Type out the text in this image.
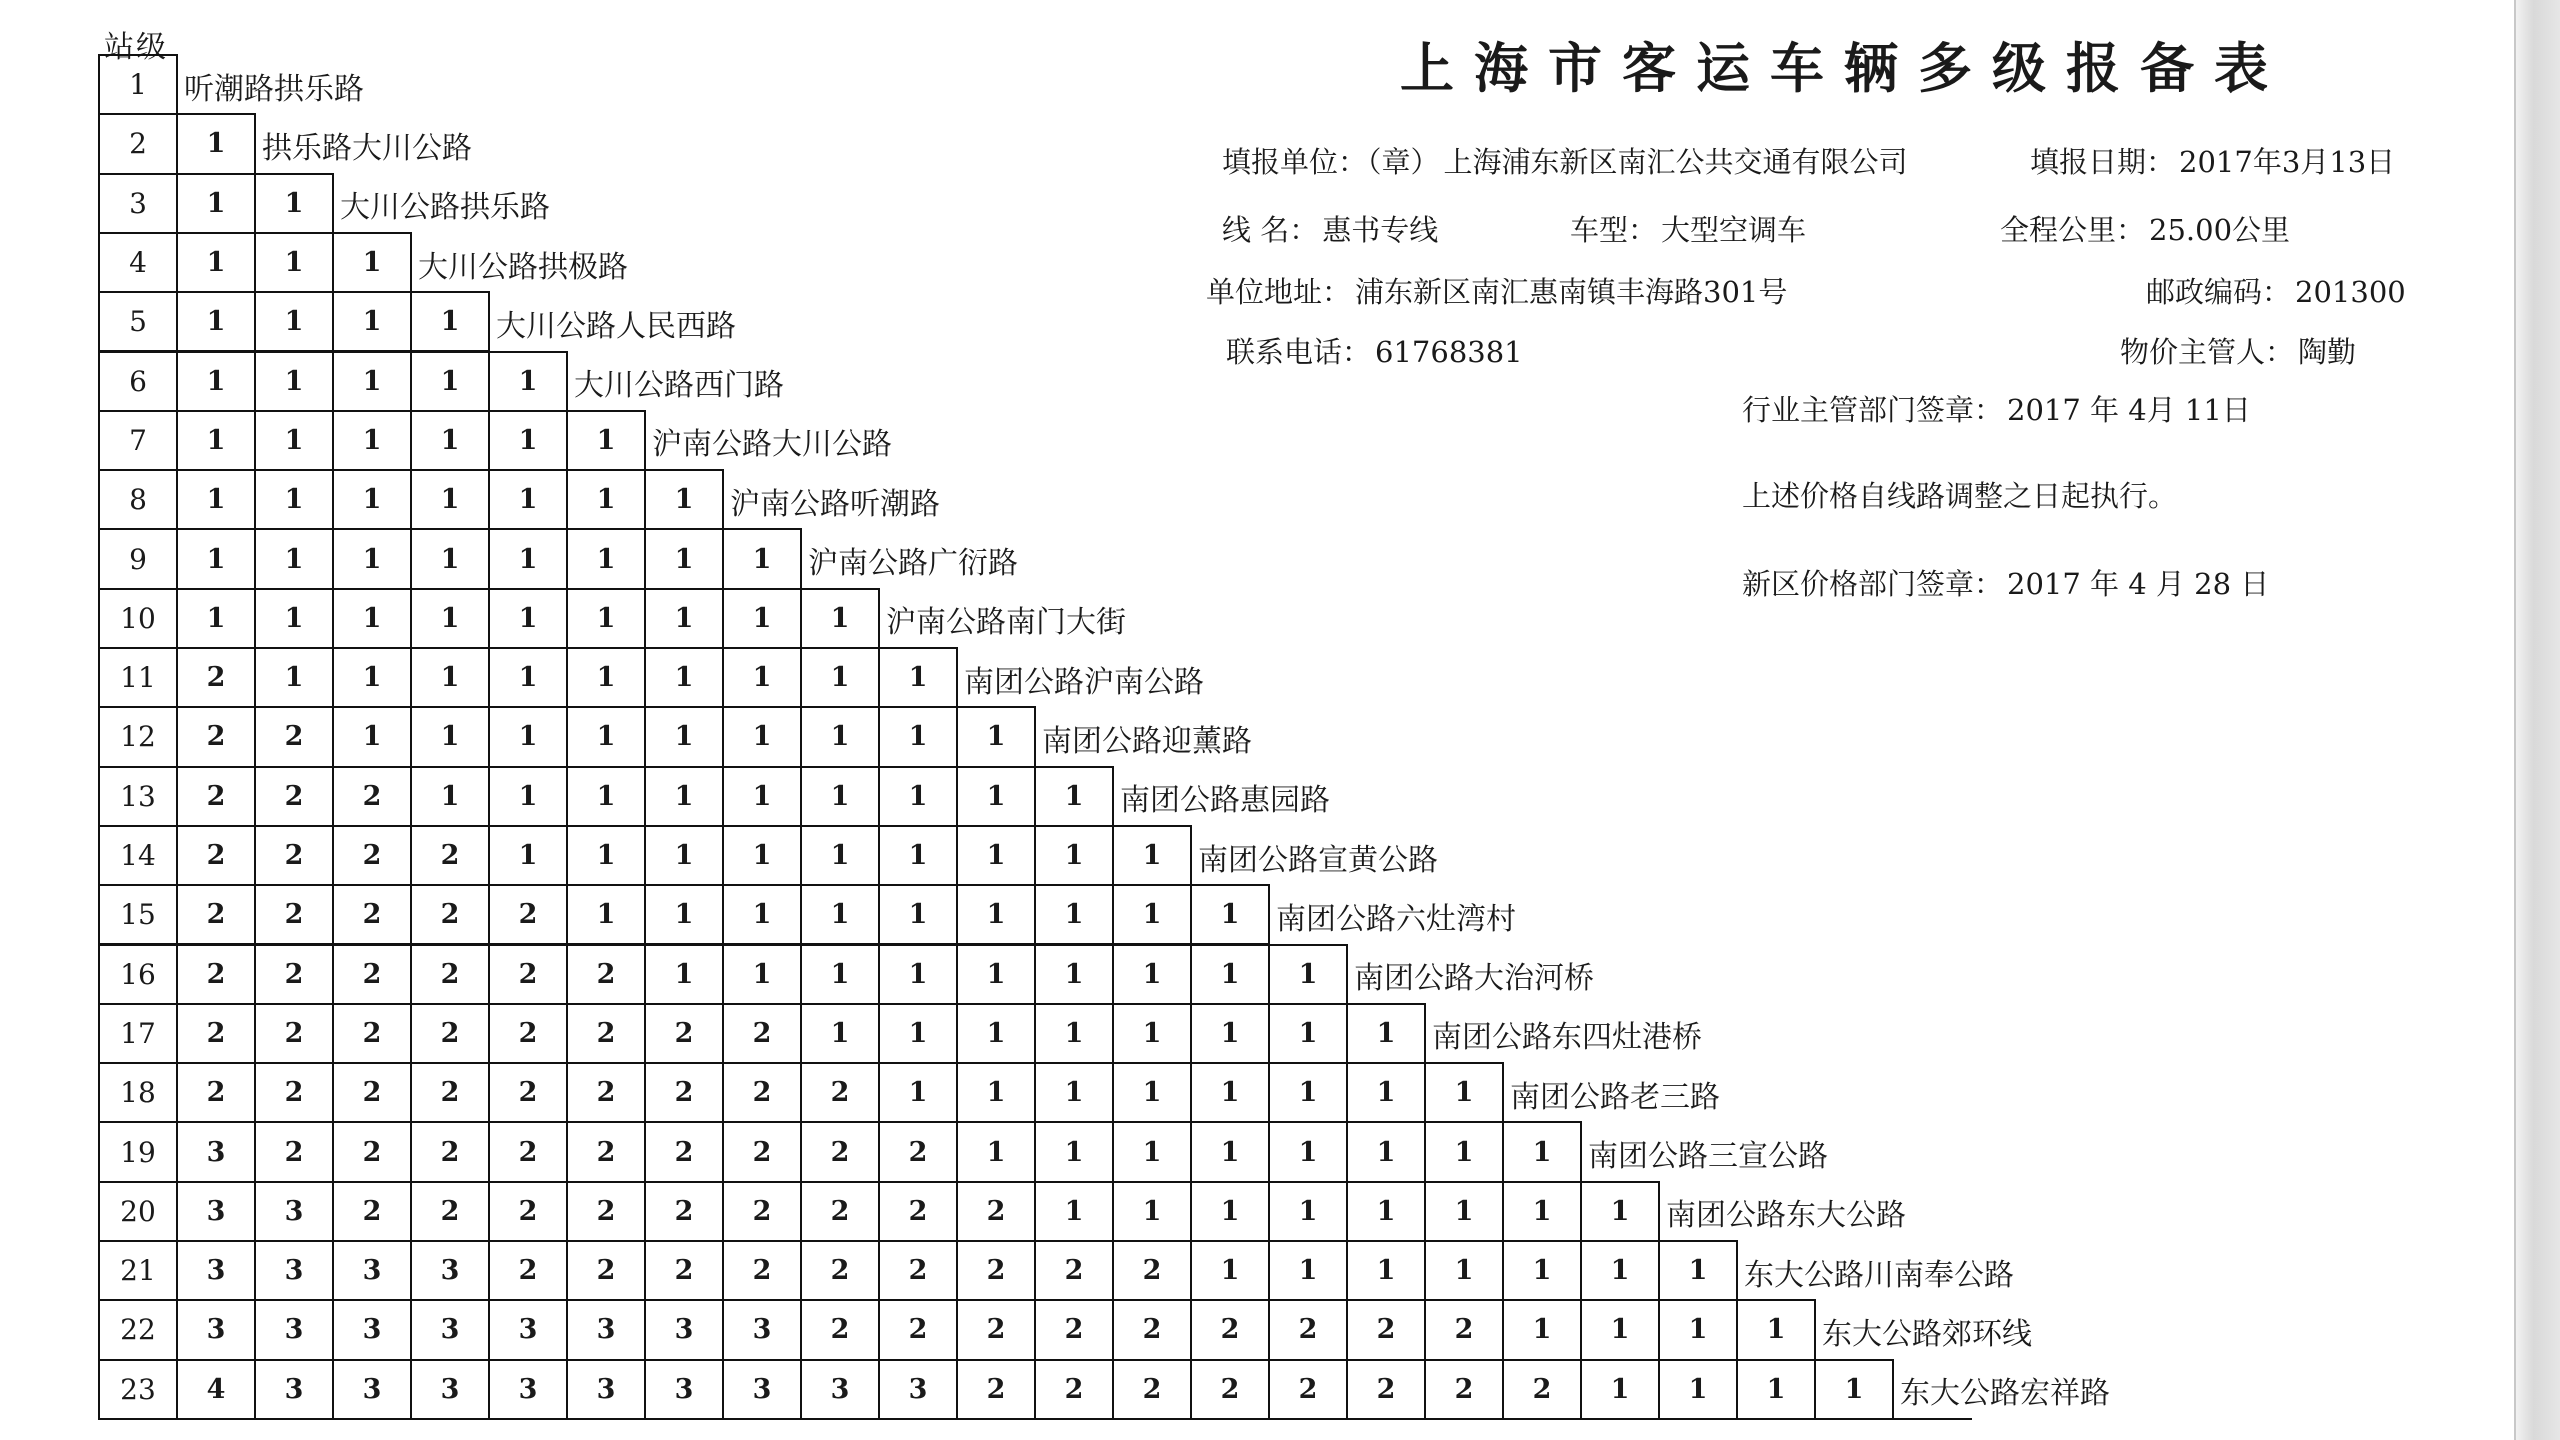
站级
1	听潮路拱乐路
2	1	拱乐路大川公路
3	1	1	大川公路拱乐路
4	1	1	1	大川公路拱极路
5	1	1	1	1	大川公路人民西路
6	1	1	1	1	1	大川公路西门路
7	1	1	1	1	1	1	沪南公路大川公路
8	1	1	1	1	1	1	1	沪南公路听潮路
9	1	1	1	1	1	1	1	1	沪南公路广衍路
10	1	1	1	1	1	1	1	1	1	沪南公路南门大街
11	2	1	1	1	1	1	1	1	1	1	南团公路沪南公路
12	2	2	1	1	1	1	1	1	1	1	1	南团公路迎薰路
13	2	2	2	1	1	1	1	1	1	1	1	1	南团公路惠园路
14	2	2	2	2	1	1	1	1	1	1	1	1	1	南团公路宣黄公路
15	2	2	2	2	2	1	1	1	1	1	1	1	1	1	南团公路六灶湾村
16	2	2	2	2	2	2	1	1	1	1	1	1	1	1	1	南团公路大治河桥
17	2	2	2	2	2	2	2	2	1	1	1	1	1	1	1	1	南团公路东四灶港桥
18	2	2	2	2	2	2	2	2	2	1	1	1	1	1	1	1	1	南团公路老三路
19	3	2	2	2	2	2	2	2	2	2	1	1	1	1	1	1	1	1	南团公路三宣公路
20	3	3	2	2	2	2	2	2	2	2	2	1	1	1	1	1	1	1	1	南团公路东大公路
21	3	3	3	3	2	2	2	2	2	2	2	2	2	1	1	1	1	1	1	1	东大公路川南奉公路
22	3	3	3	3	3	3	3	3	2	2	2	2	2	2	2	2	2	1	1	1	1	东大公路郊环线
23	4	3	3	3	3	3	3	3	3	3	2	2	2	2	2	2	2	2	1	1	1	1	东大公路宏祥路
上海市客运车辆多级报备表
填报单位：（章） 上海浦东新区南汇公共交通有限公司	填报日期： 2017年3月13日
线 名： 惠书专线	车型： 大型空调车	全程公里： 25.00公里
单位地址： 浦东新区南汇惠南镇丰海路301号	邮政编码： 201300
联系电话： 61768381	物价主管人： 陶勤
行业主管部门签章： 2017 年 4月 11日
上述价格自线路调整之日起执行。
新区价格部门签章： 2017 年 4 月 28 日
